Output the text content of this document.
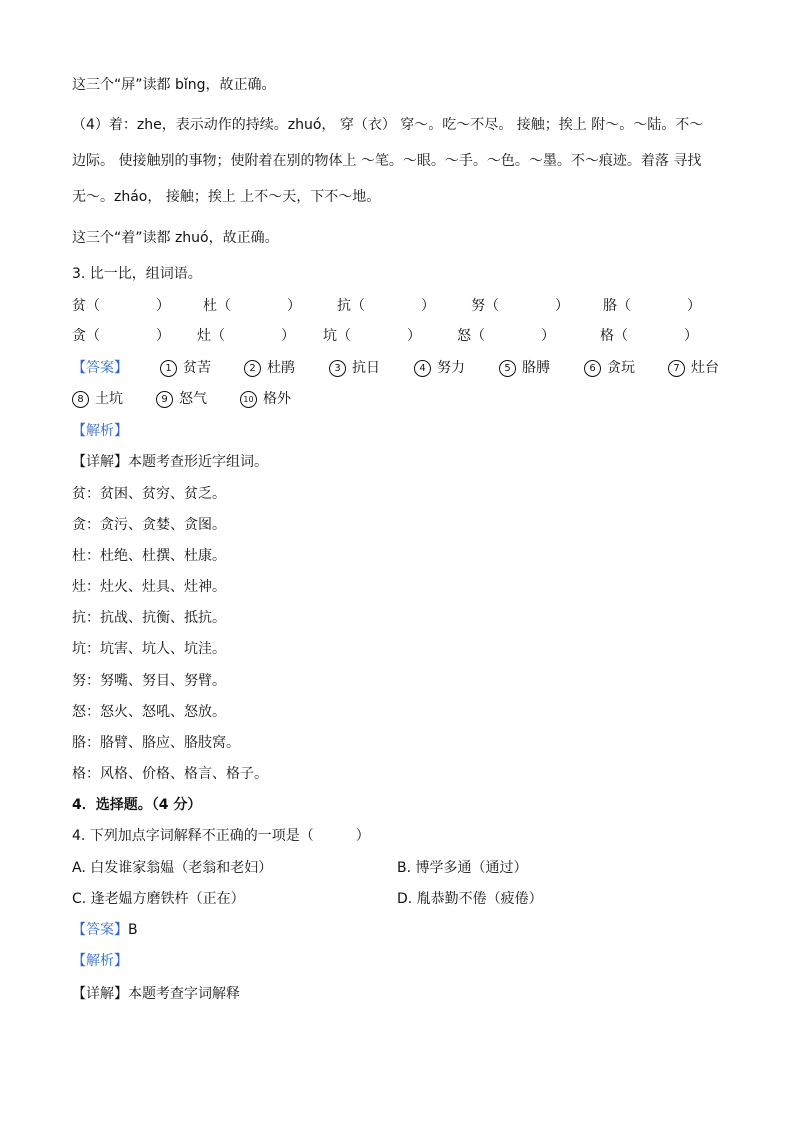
这三个“屏”读都 bǐng，故正确。
（4）着：zhe，表示动作的持续。zhuó， 穿（衣） 穿～。吃～不尽。 接触；挨上 附～。～陆。不～
边际。 使接触别的事物；使附着在别的物体上 ～笔。～眼。～手。～色。～墨。不～痕迹。着落 寻找
无～。zháo， 接触；挨上 上不～天，下不～地。
这三个“着”读都 zhuó，故正确。
3. 比一比，组词语。
贫（　　　　） 杜（　　　　）	抗（　　　　）	努（　　　　） 胳（　　　　）
贪（　　　　） 灶（　　　　） 坑（　　　　）	怒（　　　　）	格（　　　　）
【答案】	1 贫苦	2 杜鹃	3 抗日	4 努力	5 胳膊	6 贪玩	7 灶台
8 土坑	9 怒气	10 格外
【解析】
【详解】本题考查形近字组词。
贫：贫困、贫穷、贫乏。
贪：贪污、贪婪、贪图。
杜：杜绝、杜撰、杜康。
灶：灶火、灶具、灶神。
抗：抗战、抗衡、抵抗。
坑：坑害、坑人、坑洼。
努：努嘴、努目、努臂。
怒：怒火、怒吼、怒放。
胳：胳臂、胳应、胳肢窝。
格：风格、价格、格言、格子。
4．选择题。（4 分）
4. 下列加点字词解释不正确的一项是（　　　）
A. 白发谁家翁媪（老翁和老妇）	B. 博学多通（通过）
C. 逢老媪方磨铁杵（正在）	D. 胤恭勤不倦（疲倦）
【答案】B
【解析】
【详解】本题考查字词解释
